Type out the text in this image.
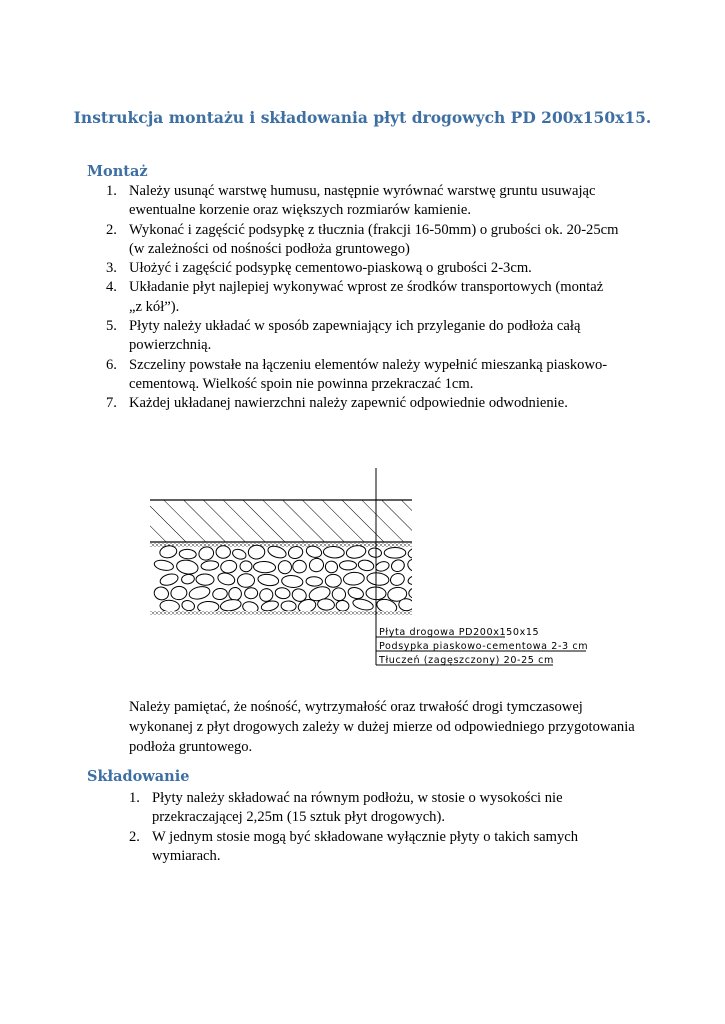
Instrukcja montażu i składowania płyt drogowych PD 200x150x15.
Montaż
1. Należy usunąć warstwę humusu, następnie wyrównać warstwę gruntu usuwając
ewentualne korzenie oraz większych rozmiarów kamienie.
2. Wykonać i zagęścić podsypkę z tłucznia (frakcji 16-50mm) o grubości ok. 20-25cm
(w zależności od nośności podłoża gruntowego)
3. Ułożyć i zagęścić podsypkę cementowo-piaskową o grubości 2-3cm.
4. Układanie płyt najlepiej wykonywać wprost ze środków transportowych (montaż
„z kół”).
5. Płyty należy układać w sposób zapewniający ich przyleganie do podłoża całą
powierzchnią.
6. Szczeliny powstałe na łączeniu elementów należy wypełnić mieszanką piaskowo-
cementową. Wielkość spoin nie powinna przekraczać 1cm.
7. Każdej układanej nawierzchni należy zapewnić odpowiednie odwodnienie.
Płyta drogowa PD200x150x15
Podsypka piaskowo-cementowa 2-3 cm
Tłuczeń (zagęszczony) 20-25 cm

Należy pamiętać, że nośność, wytrzymałość oraz trwałość drogi tymczasowej
wykonanej z płyt drogowych zależy w dużej mierze od odpowiedniego przygotowania
podłoża gruntowego.

Składowanie
1. Płyty należy składować na równym podłożu, w stosie o wysokości nie
przekraczającej 2,25m (15 sztuk płyt drogowych).
2. W jednym stosie mogą być składowane wyłącznie płyty o takich samych
wymiarach.
